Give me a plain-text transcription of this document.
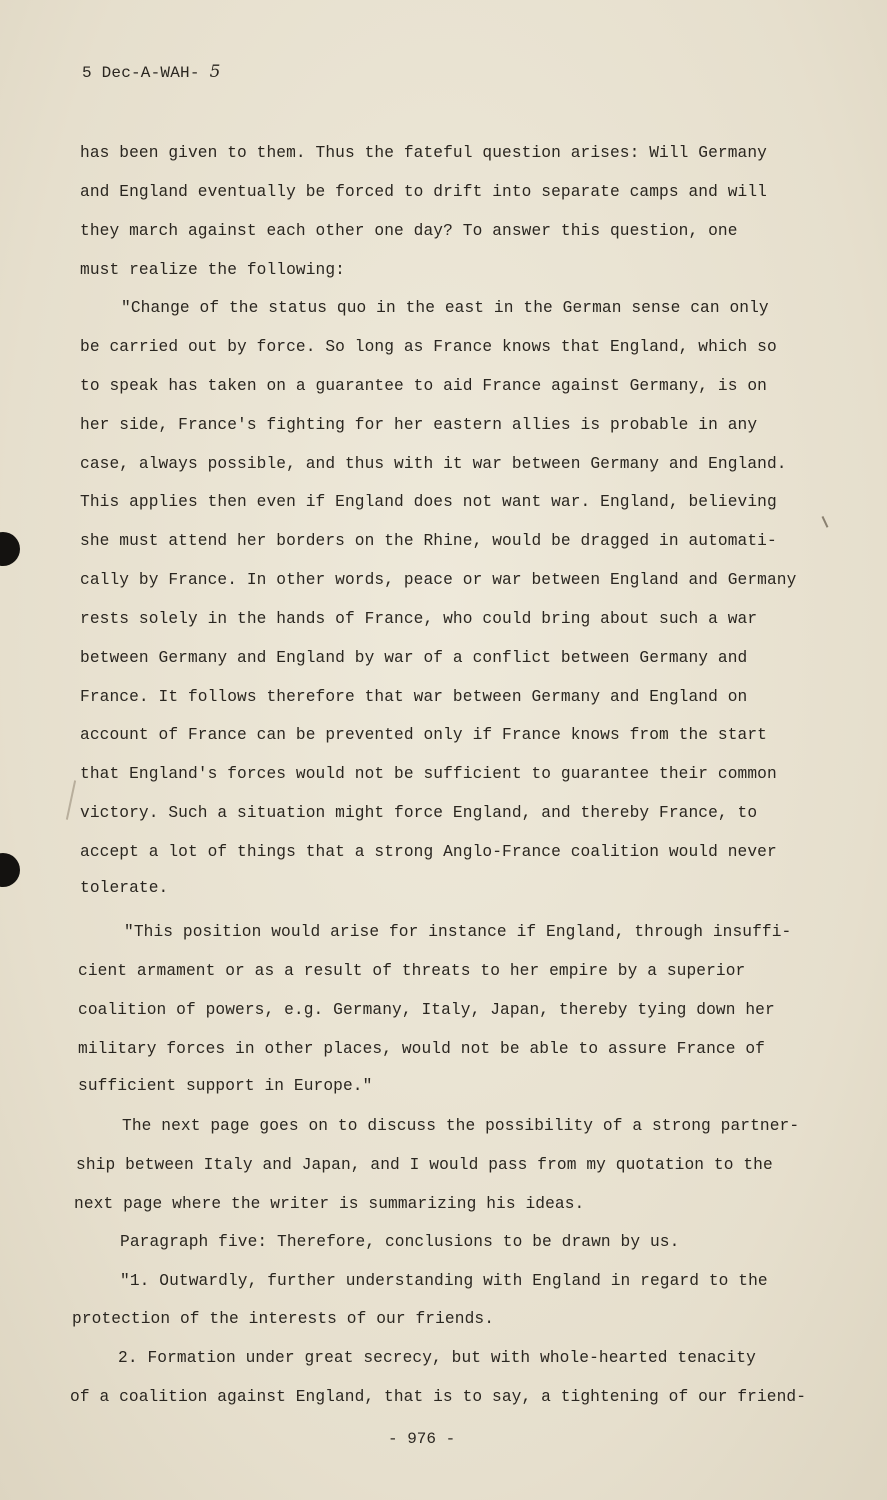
5 Dec-A-WAH- 5
has been given to them. Thus the fateful question arises: Will Germany
and England eventually be forced to drift into separate camps and will
they march against each other one day? To answer this question, one
must realize the following:
"Change of the status quo in the east in the German sense can only
be carried out by force. So long as France knows that England, which so
to speak has taken on a guarantee to aid France against Germany, is on
her side, France's fighting for her eastern allies is probable in any
case, always possible, and thus with it war between Germany and England.
This applies then even if England does not want war. England, believing
she must attend her borders on the Rhine, would be dragged in automati-
cally by France. In other words, peace or war between England and Germany
rests solely in the hands of France, who could bring about such a war
between Germany and England by war of a conflict between Germany and
France. It follows therefore that war between Germany and England on
account of France can be prevented only if France knows from the start
that England's forces would not be sufficient to guarantee their common
victory. Such a situation might force England, and thereby France, to
accept a lot of things that a strong Anglo-France coalition would never
tolerate.
"This position would arise for instance if England, through insuffi-
cient armament or as a result of threats to her empire by a superior
coalition of powers, e.g. Germany, Italy, Japan, thereby tying down her
military forces in other places, would not be able to assure France of
sufficient support in Europe."
The next page goes on to discuss the possibility of a strong partner-
ship between Italy and Japan, and I would pass from my quotation to the
next page where the writer is summarizing his ideas.
Paragraph five: Therefore, conclusions to be drawn by us.
"1. Outwardly, further understanding with England in regard to the
protection of the interests of our friends.
2. Formation under great secrecy, but with whole-hearted tenacity
of a coalition against England, that is to say, a tightening of our friend-
- 976 -
